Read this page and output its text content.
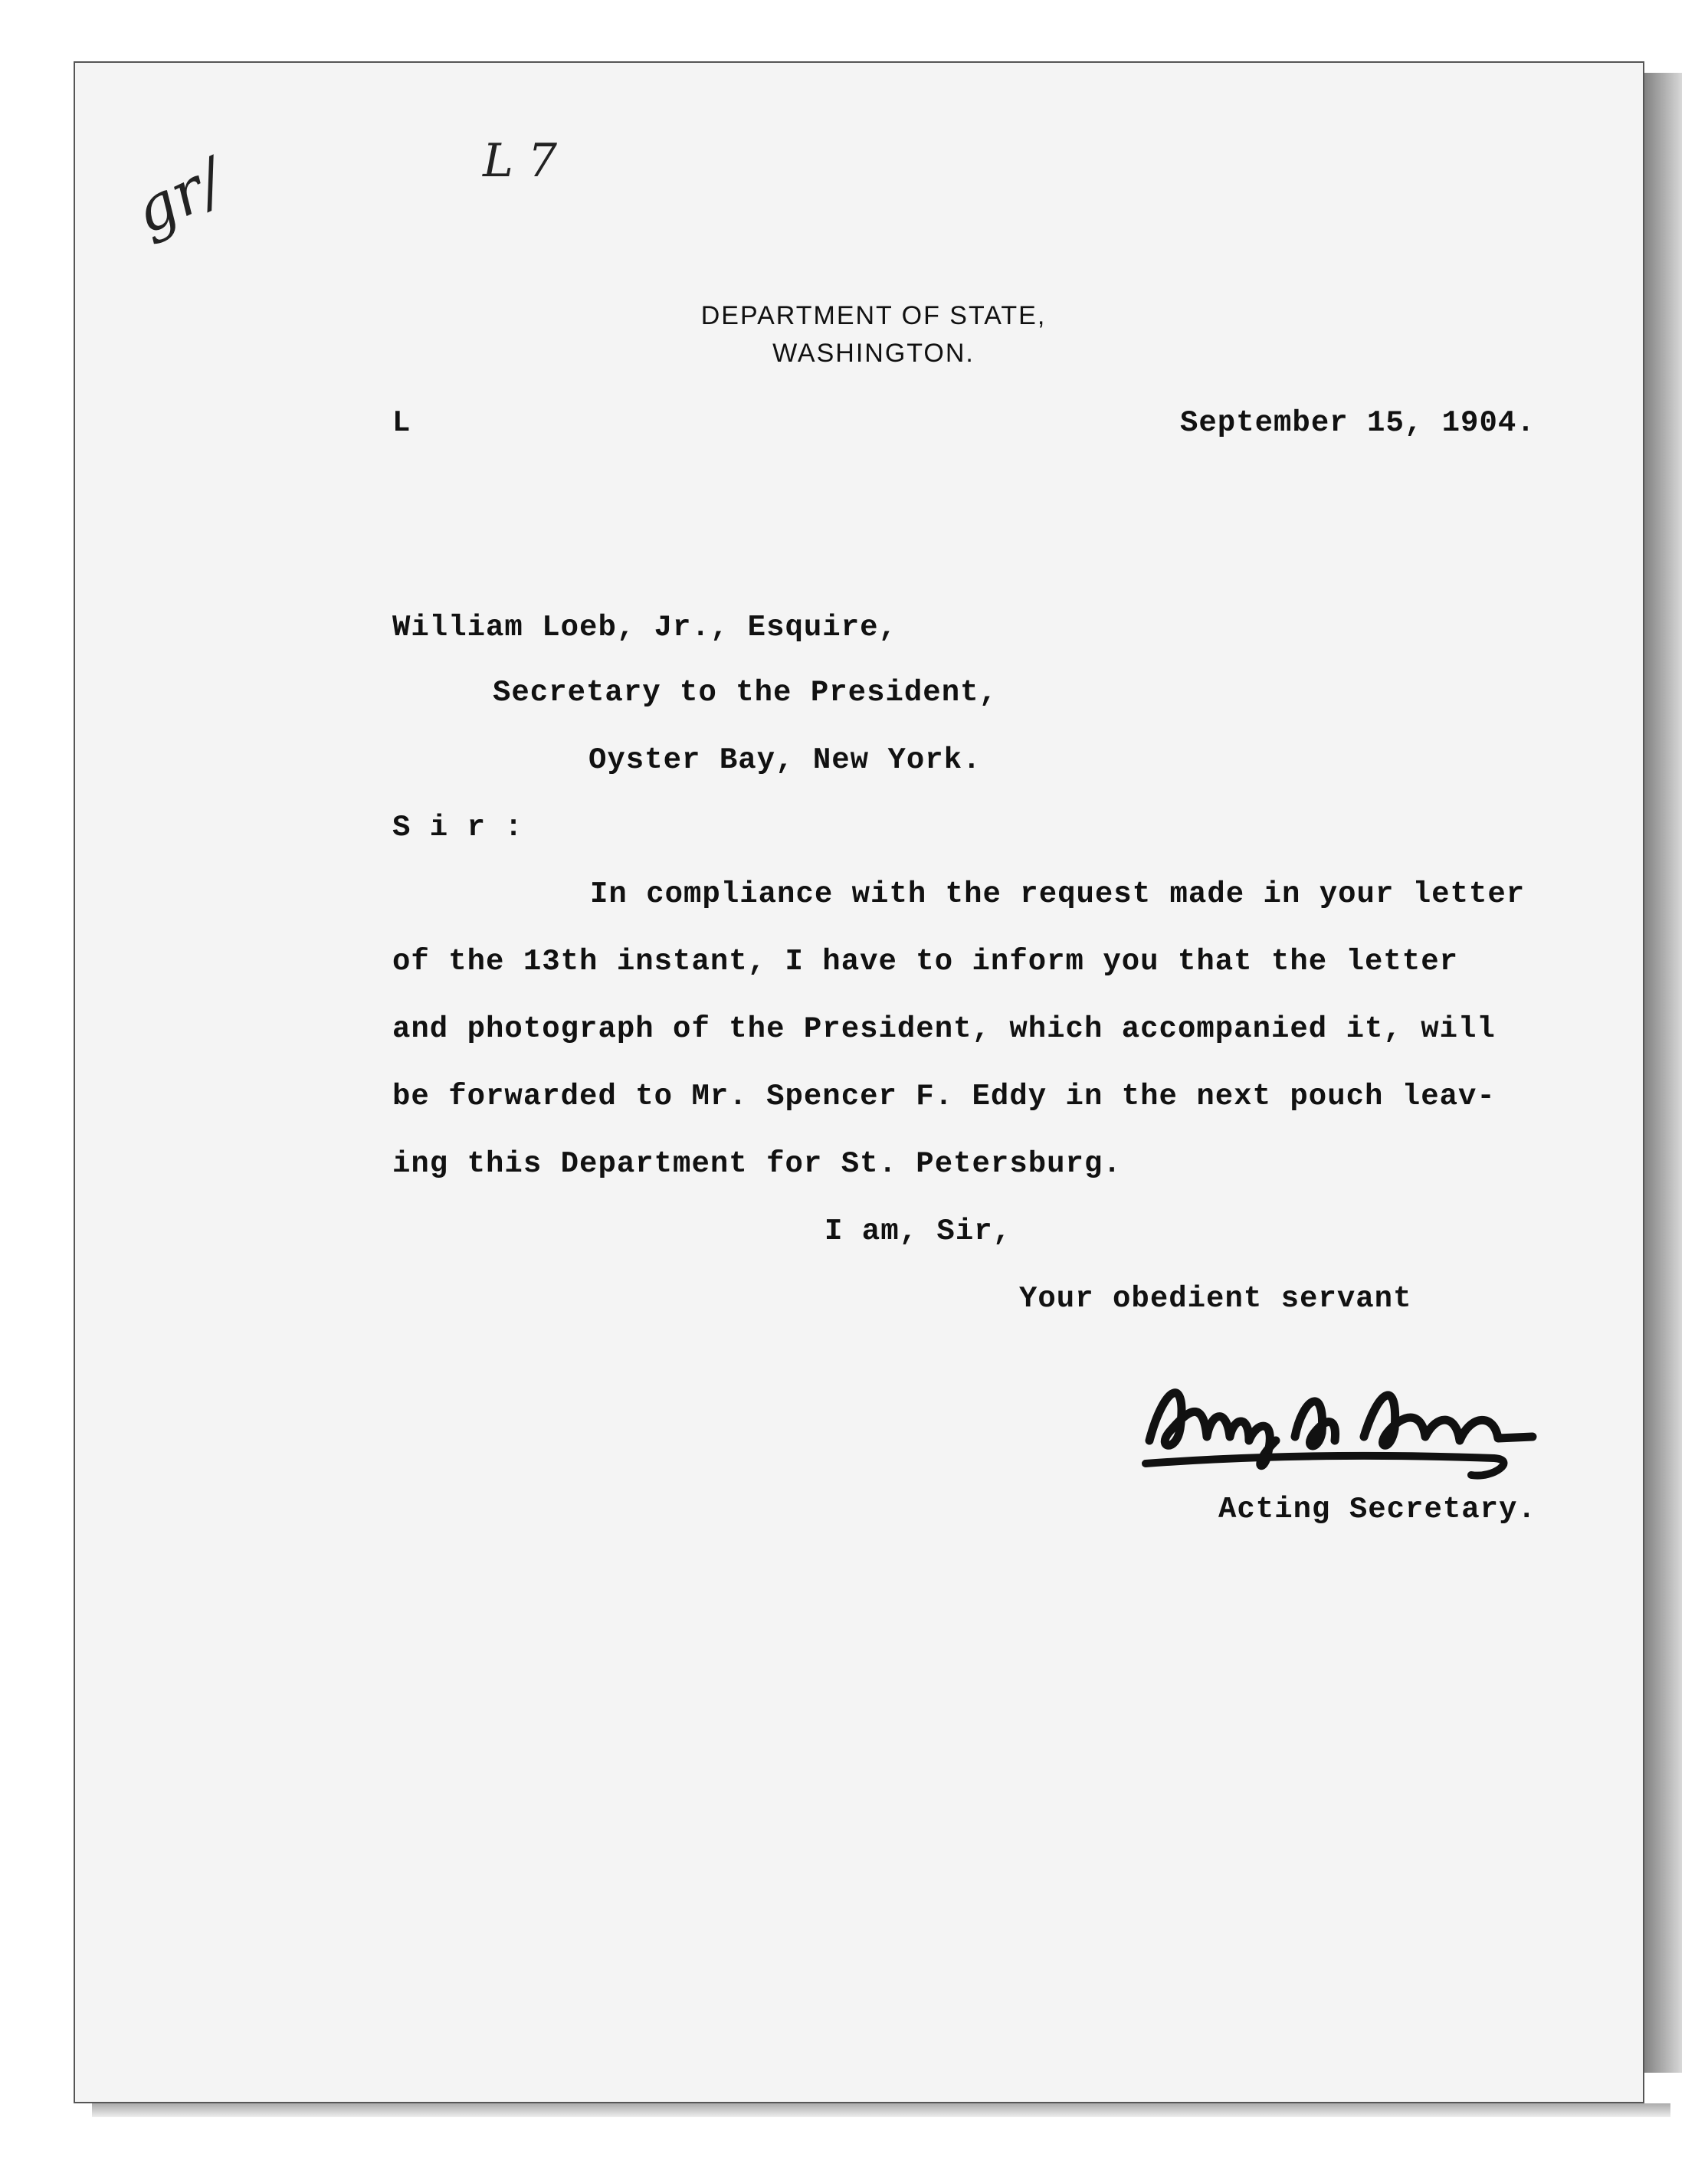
L 7
gr/
DEPARTMENT OF STATE,
WASHINGTON.
L	September 15, 1904.
William Loeb, Jr., Esquire,
Secretary to the President,
Oyster Bay, New York.
S i r :
In compliance with the request made in your letter
of the 13th instant, I have to inform you that the letter
and photograph of the President, which accompanied it, will
be forwarded to Mr. Spencer F. Eddy in the next pouch leav-
ing this Department for St. Petersburg.
I am, Sir,
Your obedient servant
Acting Secretary.
